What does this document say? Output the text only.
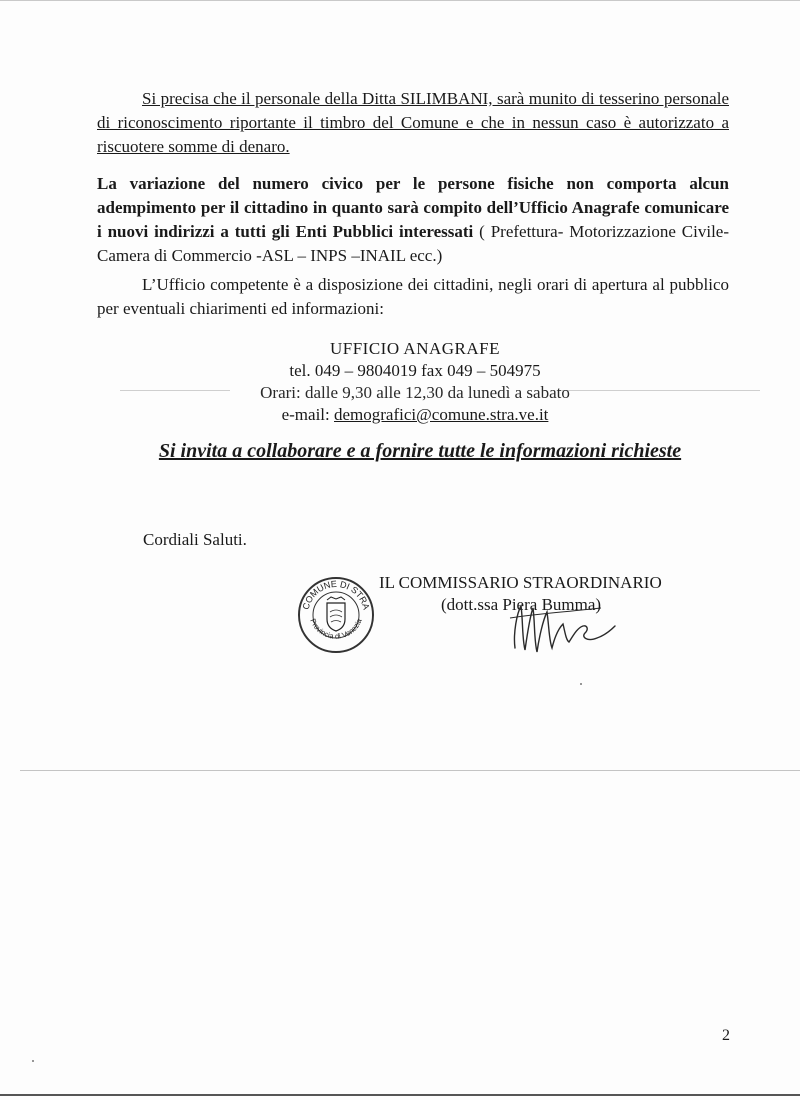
Si precisa che il personale della Ditta SILIMBANI, sarà munito di tesserino personale di riconoscimento riportante il timbro del Comune e che in nessun caso è autorizzato a riscuotere somme di denaro.
La variazione del numero civico per le persone fisiche non comporta alcun adempimento per il cittadino in quanto sarà compito dell’Ufficio Anagrafe comunicare i nuovi indirizzi a tutti gli Enti Pubblici interessati ( Prefettura- Motorizzazione Civile-Camera di Commercio -ASL – INPS –INAIL ecc.)
L’Ufficio competente è a disposizione dei cittadini, negli orari di apertura al pubblico per eventuali chiarimenti ed informazioni:
UFFICIO ANAGRAFE
tel. 049 – 9804019 fax 049 – 504975
Orari: dalle 9,30 alle 12,30 da lunedì a sabato
e-mail: demografici@comune.stra.ve.it
Si invita a collaborare e a fornire tutte le informazioni richieste
Cordiali Saluti.
COMUNE DI STRA
Provincia di Venezia
IL COMMISSARIO STRAORDINARIO
(dott.ssa Piera Bumma)
2
